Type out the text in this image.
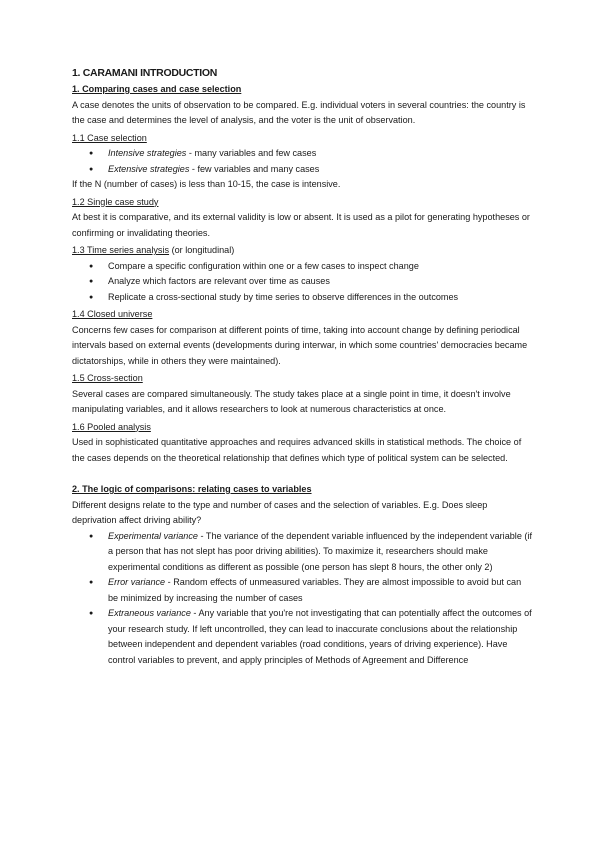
1. CARAMANI INTRODUCTION
1. Comparing cases and case selection

A case denotes the units of observation to be compared. E.g. individual voters in several countries: the country is the case and determines the level of analysis, and the voter is the unit of observation.

1.1 Case selection
● Intensive strategies - many variables and few cases
● Extensive strategies - few variables and many cases

If the N (number of cases) is less than 10-15, the case is intensive.

1.2 Single case study

At best it is comparative, and its external validity is low or absent. It is used as a pilot for generating hypotheses or confirming or invalidating theories.

1.3 Time series analysis (or longitudinal)
● Compare a specific configuration within one or a few cases to inspect change
● Analyze which factors are relevant over time as causes
● Replicate a cross-sectional study by time series to observe differences in the outcomes
1.4 Closed universe

Concerns few cases for comparison at different points of time, taking into account change by defining periodical intervals based on external events (developments during interwar, in which some countries' democracies became dictatorships, while in others they were maintained).

1.5 Cross-section

Several cases are compared simultaneously. The study takes place at a single point in time, it doesn't involve manipulating variables, and it allows researchers to look at numerous characteristics at once.

1.6 Pooled analysis

Used in sophisticated quantitative approaches and requires advanced skills in statistical methods. The choice of the cases depends on the theoretical relationship that defines which type of political system can be selected.

2. The logic of comparisons: relating cases to variables

Different designs relate to the type and number of cases and the selection of variables. E.g. Does sleep deprivation affect driving ability?

● Experimental variance - The variance of the dependent variable influenced by the independent variable (if a person that has not slept has poor driving abilities). To maximize it, researchers should make experimental conditions as different as possible (one person has slept 8 hours, the other only 2)
● Error variance - Random effects of unmeasured variables. They are almost impossible to avoid but can be minimized by increasing the number of cases
● Extraneous variance - Any variable that you're not investigating that can potentially affect the outcomes of your research study. If left uncontrolled, they can lead to inaccurate conclusions about the relationship between independent and dependent variables (road conditions, years of driving experience). Have control variables to prevent, and apply principles of Methods of Agreement and Difference
